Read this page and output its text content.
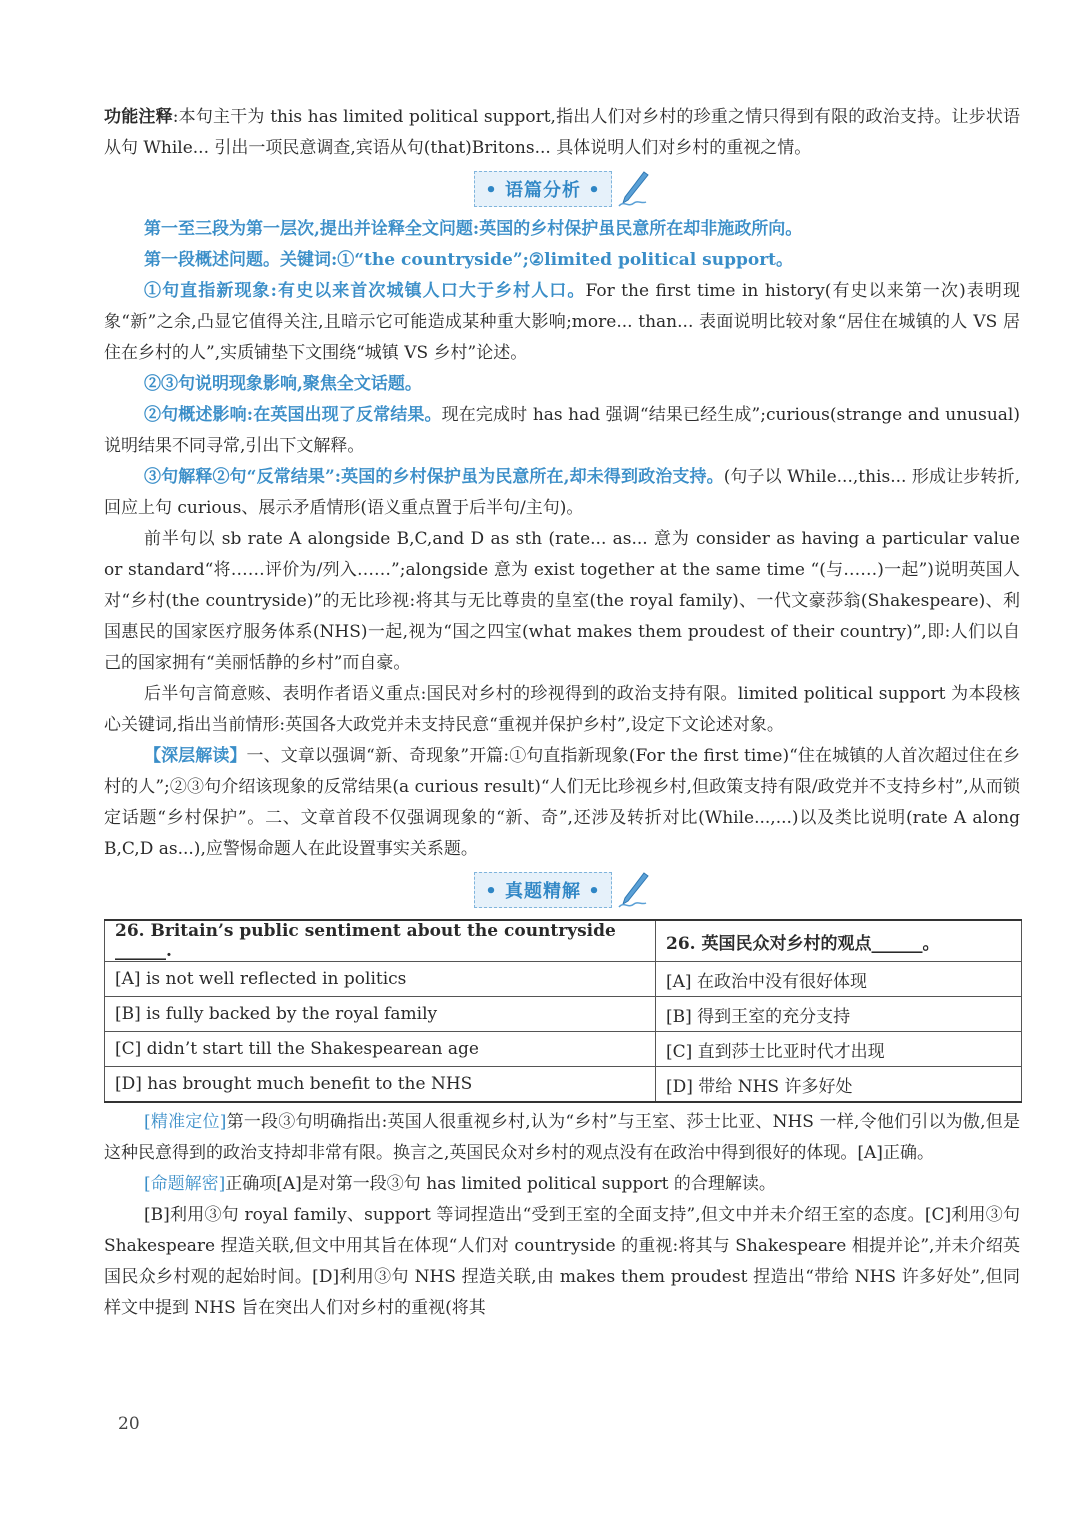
功能注释:本句主干为 this has limited political support,指出人们对乡村的珍重之情只得到有限的政治支持。让步状语从句 While... 引出一项民意调查,宾语从句(that)Britons... 具体说明人们对乡村的重视之情。

• 语篇分析 •

第一至三段为第一层次,提出并诠释全文问题:英国的乡村保护虽民意所在却非施政所向。

第一段概述问题。关键词:①“the countryside”;②limited political support。

①句直指新现象:有史以来首次城镇人口大于乡村人口。For the first time in history(有史以来第一次)表明现象“新”之余,凸显它值得关注,且暗示它可能造成某种重大影响;more... than... 表面说明比较对象“居住在城镇的人 VS 居住在乡村的人”,实质铺垫下文围绕“城镇 VS 乡村”论述。

②③句说明现象影响,聚焦全文话题。

②句概述影响:在英国出现了反常结果。现在完成时 has had 强调“结果已经生成”;curious(strange and unusual)说明结果不同寻常,引出下文解释。

③句解释②句“反常结果”:英国的乡村保护虽为民意所在,却未得到政治支持。(句子以 While...,this... 形成让步转折,回应上句 curious、展示矛盾情形(语义重点置于后半句/主句)。

前半句以 sb rate A alongside B,C,and D as sth (rate... as... 意为 consider as having a particular value or standard“将……评价为/列入……”;alongside 意为 exist together at the same time “(与……)一起”)说明英国人对“乡村(the countryside)”的无比珍视:将其与无比尊贵的皇室(the royal family)、一代文豪莎翁(Shakespeare)、利国惠民的国家医疗服务体系(NHS)一起,视为“国之四宝(what makes them proudest of their country)”,即:人们以自己的国家拥有“美丽恬静的乡村”而自豪。

后半句言简意赅、表明作者语义重点:国民对乡村的珍视得到的政治支持有限。limited political support 为本段核心关键词,指出当前情形:英国各大政党并未支持民意“重视并保护乡村”,设定下文论述对象。

【深层解读】一、文章以强调“新、奇现象”开篇:①句直指新现象(For the first time)“住在城镇的人首次超过住在乡村的人”;②③句介绍该现象的反常结果(a curious result)“人们无比珍视乡村,但政策支持有限/政党并不支持乡村”,从而锁定话题“乡村保护”。二、文章首段不仅强调现象的“新、奇”,还涉及转折对比(While...,...)以及类比说明(rate A along B,C,D as...),应警惕命题人在此设置事实关系题。

• 真题精解 •
26. Britain’s public sentiment about the countryside ______.	26. 英国民众对乡村的观点______。
[A] is not well reflected in politics	[A] 在政治中没有很好体现
[B] is fully backed by the royal family	[B] 得到王室的充分支持
[C] didn’t start till the Shakespearean age	[C] 直到莎士比亚时代才出现
[D] has brought much benefit to the NHS	[D] 带给 NHS 许多好处

[精准定位]第一段③句明确指出:英国人很重视乡村,认为“乡村”与王室、莎士比亚、NHS 一样,令他们引以为傲,但是这种民意得到的政治支持却非常有限。换言之,英国民众对乡村的观点没有在政治中得到很好的体现。[A]正确。

[命题解密]正确项[A]是对第一段③句 has limited political support 的合理解读。

[B]利用③句 royal family、support 等词捏造出“受到王室的全面支持”,但文中并未介绍王室的态度。[C]利用③句 Shakespeare 捏造关联,但文中用其旨在体现“人们对 countryside 的重视:将其与 Shakespeare 相提并论”,并未介绍英国民众乡村观的起始时间。[D]利用③句 NHS 捏造关联,由 makes them proudest 捏造出“带给 NHS 许多好处”,但同样文中提到 NHS 旨在突出人们对乡村的重视(将其

20
